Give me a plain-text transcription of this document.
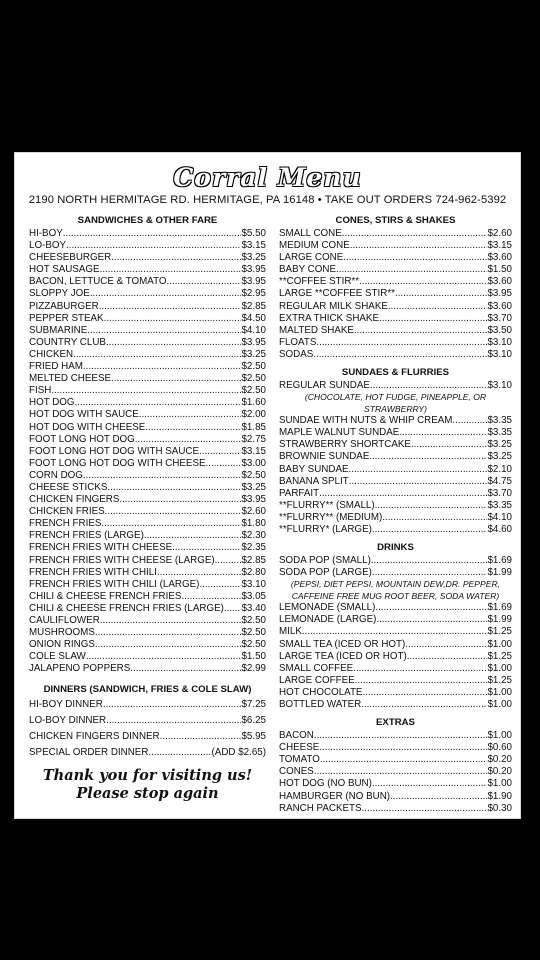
Corral Menu
2190 NORTH HERMITAGE RD. HERMITAGE, PA 16148 • TAKE OUT ORDERS 724-962-5392
SANDWICHES & OTHER FARE
HI-BOY .....	$5.50
LO-BOY .....	$3.15
CHEESEBURGER .....	$3.25
HOT SAUSAGE .....	$3.95
BACON, LETTUCE & TOMATO .....	$3.95
SLOPPY JOE .....	$2.95
PIZZABURGER .....	$2.85
PEPPER STEAK .....	$4.50
SUBMARINE .....	$4.10
COUNTRY CLUB .....	$3.95
CHICKEN .....	$3.25
FRIED HAM .....	$2.50
MELTED CHEESE .....	$2.50
FISH .....	$2.50
HOT DOG .....	$1.60
HOT DOG WITH SAUCE .....	$2.00
HOT DOG WITH CHEESE .....	$1.85
FOOT LONG HOT DOG .....	$2.75
FOOT LONG HOT DOG WITH SAUCE .....	$3.15
FOOT LONG HOT DOG WITH CHEESE .....	$3.00
CORN DOG .....	$2.50
CHEESE STICKS .....	$3.25
CHICKEN FINGERS .....	$3.95
CHICKEN FRIES .....	$2.60
FRENCH FRIES .....	$1.80
FRENCH FRIES (LARGE) .....	$2.30
FRENCH FRIES WITH CHEESE .....	$2.35
FRENCH FRIES WITH CHEESE (LARGE) .....	$2.85
FRENCH FRIES WITH CHILI .....	$2.80
FRENCH FRIES WITH CHILI (LARGE) .....	$3.10
CHILI & CHEESE FRENCH FRIES .....	$3.05
CHILI & CHEESE FRENCH FRIES (LARGE) ..... $3.40
CAULIFLOWER .....	$2.50
MUSHROOMS .....	$2.50
ONION RINGS .....	$2.50
COLE SLAW .....	$1.50
JALAPENO POPPERS .....	$2.99
DINNERS (SANDWICH, FRIES & COLE SLAW)
HI-BOY DINNER .....	$7.25
LO-BOY DINNER .....	$6.25
CHICKEN FINGERS DINNER .....	$5.95
SPECIAL ORDER DINNER .....	(ADD $2.65)
Thank you for visiting us!
Please stop again
CONES, STIRS & SHAKES
SMALL CONE .....	$2.60
MEDIUM CONE .....	$3.15
LARGE CONE .....	$3.60
BABY CONE .....	$1.50
**COFFEE STIR** .....	$3.60
LARGE **COFFEE STIR** .....	$3.95
REGULAR MILK SHAKE .....	$3.60
EXTRA THICK SHAKE .....	$3.70
MALTED SHAKE .....	$3.50
FLOATS .....	$3.10
SODAS .....	$3.10
SUNDAES & FLURRIES
REGULAR SUNDAE .....	$3.10
(CHOCOLATE, HOT FUDGE, PINEAPPLE, OR STRAWBERRY)
SUNDAE WITH NUTS & WHIP CREAM .....	$3.35
MAPLE WALNUT SUNDAE .....	$3.35
STRAWBERRY SHORTCAKE .....	$3.25
BROWNIE SUNDAE .....	$3.25
BABY SUNDAE .....	$2.10
BANANA SPLIT .....	$4.75
PARFAIT .....	$3.70
**FLURRY** (SMALL) .....	$3.35
**FLURRY** (MEDIUM) .....	$4.10
**FLURRY* (LARGE) .....	$4.60
DRINKS
SODA POP (SMALL) .....	$1.69
SODA POP (LARGE) .....	$1.99
(PEPSI, DIET PEPSI, MOUNTAIN DEW,DR. PEPPER, CAFFEINE FREE MUG ROOT BEER, SODA WATER)
LEMONADE (SMALL) .....	$1.69
LEMONADE (LARGE) .....	$1.99
MILK .....	$1.25
SMALL TEA (ICED OR HOT) .....	$1.00
LARGE TEA (ICED OR HOT) .....	$1.25
SMALL COFFEE .....	$1.00
LARGE COFFEE .....	$1.25
HOT CHOCOLATE .....	$1.00
BOTTLED WATER .....	$1.00
EXTRAS
BACON .....	$1.00
CHEESE .....	$0.60
TOMATO .....	$0.20
CONES .....	$0.20
HOT DOG (NO BUN) .....	$1.00
HAMBURGER (NO BUN) .....	$1.90
RANCH PACKETS .....	$0.30
